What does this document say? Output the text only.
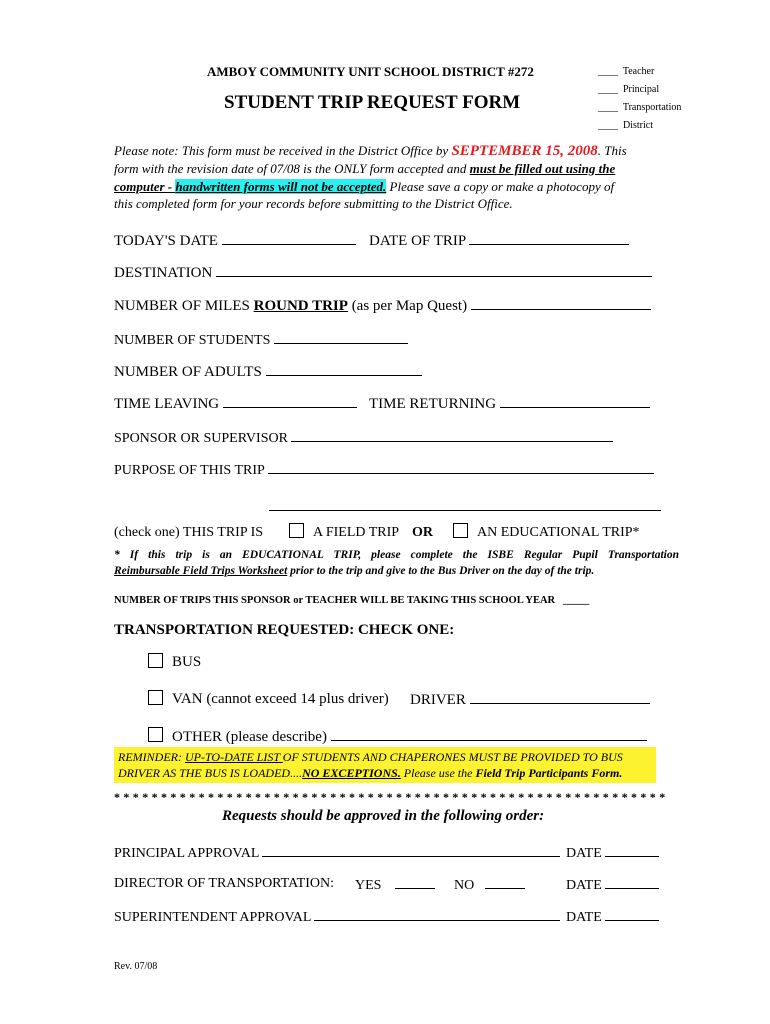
AMBOY COMMUNITY UNIT SCHOOL DISTRICT #272
STUDENT TRIP REQUEST FORM
____ Teacher
____ Principal
____ Transportation
____ District
Please note: This form must be received in the District Office by SEPTEMBER 15, 2008. This
form with the revision date of 07/08 is the ONLY form accepted and must be filled out using the
computer - handwritten forms will not be accepted. Please save a copy or make a photocopy of
this completed form for your records before submitting to the District Office.
TODAY'S DATE	DATE OF TRIP
DESTINATION
NUMBER OF MILES ROUND TRIP (as per Map Quest)
NUMBER OF STUDENTS
NUMBER OF ADULTS
TIME LEAVING	TIME RETURNING
SPONSOR OR SUPERVISOR
PURPOSE OF THIS TRIP
(check one) THIS TRIP IS	A FIELD TRIP OR	AN EDUCATIONAL TRIP*
* If this trip is an EDUCATIONAL TRIP, please complete the ISBE Regular Pupil Transportation
Reimbursable Field Trips Worksheet prior to the trip and give to the Bus Driver on the day of the trip.
NUMBER OF TRIPS THIS SPONSOR or TEACHER WILL BE TAKING THIS SCHOOL YEAR _____
TRANSPORTATION REQUESTED: CHECK ONE:
BUS
VAN (cannot exceed 14 plus driver) DRIVER
OTHER (please describe)
REMINDER: UP-TO-DATE LIST OF STUDENTS AND CHAPERONES MUST BE PROVIDED TO BUS
DRIVER AS THE BUS IS LOADED....NO EXCEPTIONS. Please use the Field Trip Participants Form.
* * * * * * * * * * * * * * * * * * * * * * * * * * * * * * * * * * * * * * * * * * * * * * * * * * * * * * * * * * *
Requests should be approved in the following order:
PRINCIPAL APPROVAL	DATE
DIRECTOR OF TRANSPORTATION: YES	NO	DATE
SUPERINTENDENT APPROVAL	DATE
Rev. 07/08
